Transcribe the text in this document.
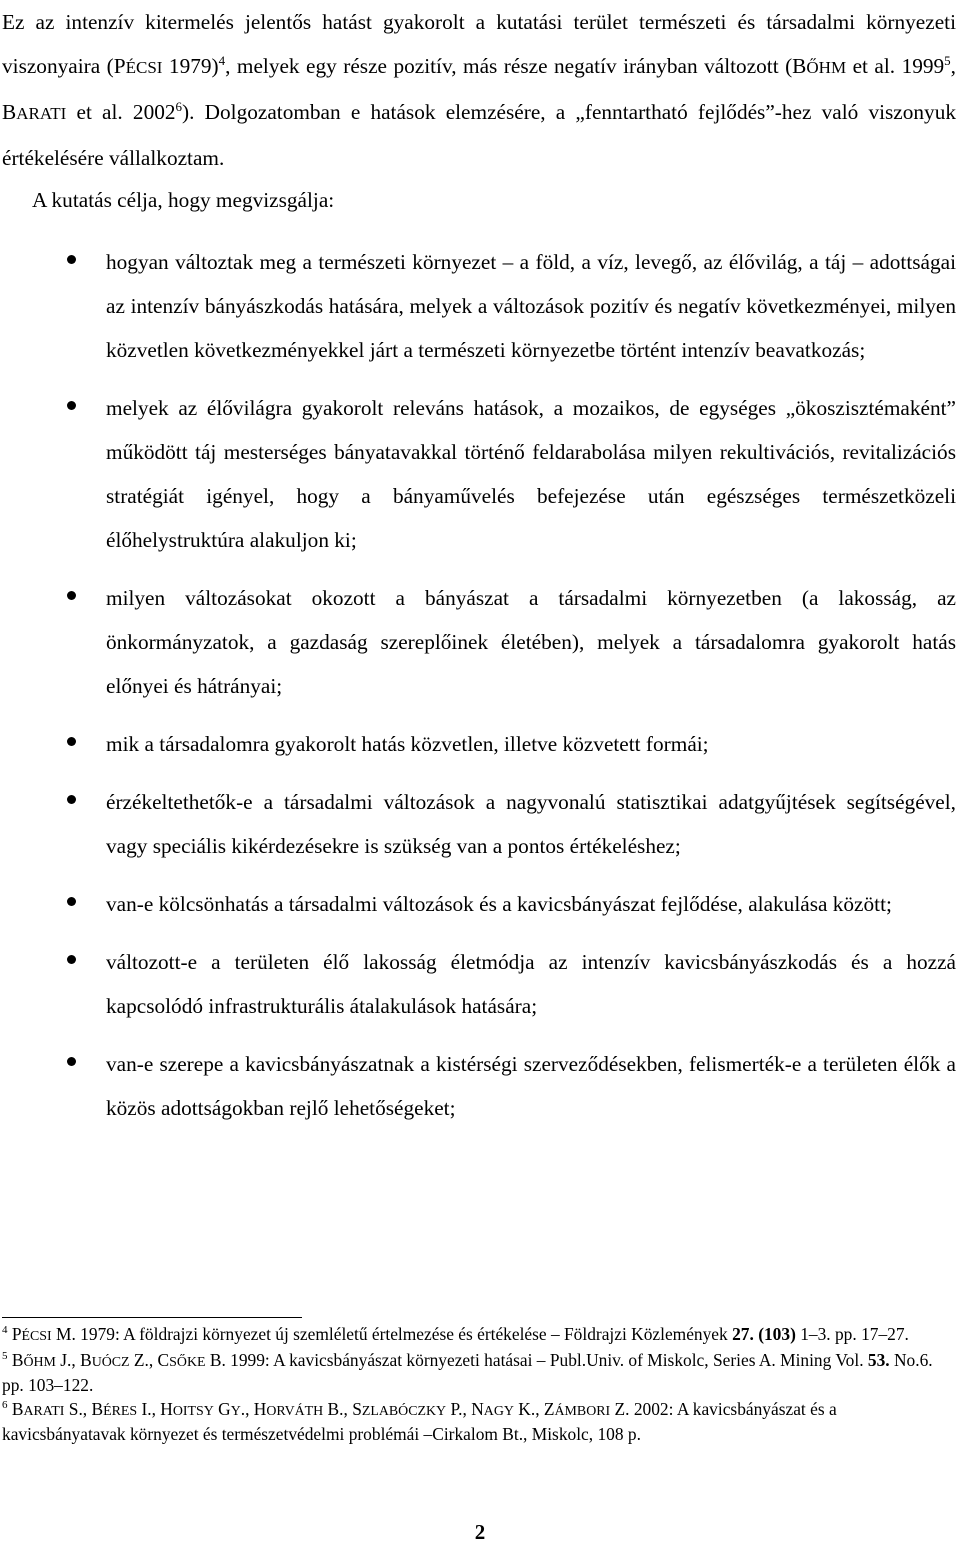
Ez az intenzív kitermelés jelentős hatást gyakorolt a kutatási terület természeti és társadalmi környezeti viszonyaira (PÉCSI 1979)$^4$, melyek egy része pozitív, más része negatív irányban változott (BŐHM et al. 1999$^5$, BARATI et al. 2002$^6$). Dolgozatomban e hatások elemzésére, a „fenntartható fejlődés”-hez való viszonyuk értékelésére vállalkoztam.

A kutatás célja, hogy megvizsgálja:
hogyan változtak meg a természeti környezet – a föld, a víz, levegő, az élővilág, a táj – adottságai az intenzív bányászkodás hatására, melyek a változások pozitív és negatív következményei, milyen közvetlen következményekkel járt a természeti környezetbe történt intenzív beavatkozás;
melyek az élővilágra gyakorolt releváns hatások, a mozaikos, de egységes „ökoszisztémaként” működött táj mesterséges bányatavakkal történő feldarabolása milyen rekultivációs, revitalizációs stratégiát igényel, hogy a bányaművelés befejezése után egészséges természetközeli élőhelystruktúra alakuljon ki;
milyen változásokat okozott a bányászat a társadalmi környezetben (a lakosság, az önkormányzatok, a gazdaság szereplőinek életében), melyek a társadalomra gyakorolt hatás előnyei és hátrányai;
mik a társadalomra gyakorolt hatás közvetlen, illetve közvetett formái;
érzékeltethetők-e a társadalmi változások a nagyvonalú statisztikai adatgyűjtések segítségével, vagy speciális kikérdezésekre is szükség van a pontos értékeléshez;
van-e kölcsönhatás a társadalmi változások és a kavicsbányászat fejlődése, alakulása között;
változott-e a területen élő lakosság életmódja az intenzív kavicsbányászkodás és a hozzá kapcsolódó infrastrukturális átalakulások hatására;
van-e szerepe a kavicsbányászatnak a kistérségi szerveződésekben, felismerték-e a területen élők a közös adottságokban rejlő lehetőségeket;
$^4$ PÉCSI M. 1979: A földrajzi környezet új szemléletű értelmezése és értékelése – Földrajzi Közlemények 27. (103) 1–3. pp. 17–27.
$^5$ BŐHM J., BUÓCZ Z., CSŐKE B. 1999: A kavicsbányászat környezeti hatásai – Publ.Univ. of Miskolc, Series A. Mining Vol. 53. No.6. pp. 103–122.
$^6$ BARATI S., BÉRES I., HOITSY GY., HORVÁTH B., SZLABÓCZKY P., NAGY K., ZÁMBORI Z. 2002: A kavicsbányászat és a kavicsbányatavak környezet és természetvédelmi problémái –Cirkalom Bt., Miskolc, 108 p.
2
